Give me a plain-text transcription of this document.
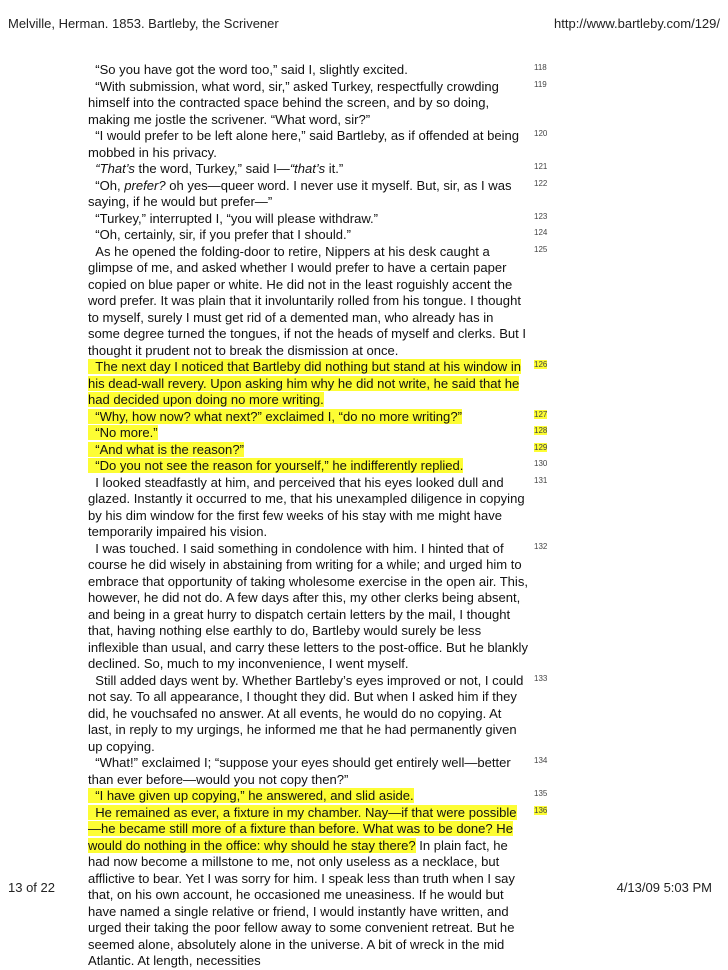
Melville, Herman. 1853. Bartleby, the Scrivener	http://www.bartleby.com/129/
“So you have got the word too,” said I, slightly excited.	118
“With submission, what word, sir,” asked Turkey, respectfully crowding himself into the contracted space behind the screen, and by so doing, making me jostle the scrivener. “What word, sir?”
119
“I would prefer to be left alone here,” said Bartleby, as if offended at being mobbed in his privacy.
120
“That’s the word, Turkey,” said I—“that’s it.”	121
“Oh, prefer? oh yes—queer word. I never use it myself. But, sir, as I was saying, if he would but prefer—”
122
“Turkey,” interrupted I, “you will please withdraw.”	123
“Oh, certainly, sir, if you prefer that I should.”	124
As he opened the folding-door to retire, Nippers at his desk caught a glimpse of me, and asked whether I would prefer to have a certain paper copied on blue paper or white. He did not in the least roguishly accent the word prefer. It was plain that it involuntarily rolled from his tongue. I thought to myself, surely I must get rid of a demented man, who already has in some degree turned the tongues, if not the heads of myself and clerks. But I thought it prudent not to break the dismission at once.
125
The next day I noticed that Bartleby did nothing but stand at his window in his dead-wall revery. Upon asking him why he did not write, he said that he had decided upon doing no more writing.
126
“Why, how now? what next?” exclaimed I, “do no more writing?”	127
“No more.”	128
“And what is the reason?”	129
“Do you not see the reason for yourself,” he indifferently replied.	130
I looked steadfastly at him, and perceived that his eyes looked dull and glazed. Instantly it occurred to me, that his unexampled diligence in copying by his dim window for the first few weeks of his stay with me might have temporarily impaired his vision.
131
I was touched. I said something in condolence with him. I hinted that of course he did wisely in abstaining from writing for a while; and urged him to embrace that opportunity of taking wholesome exercise in the open air. This, however, he did not do. A few days after this, my other clerks being absent, and being in a great hurry to dispatch certain letters by the mail, I thought that, having nothing else earthly to do, Bartleby would surely be less inflexible than usual, and carry these letters to the post-office. But he blankly declined. So, much to my inconvenience, I went myself.
132
Still added days went by. Whether Bartleby’s eyes improved or not, I could not say. To all appearance, I thought they did. But when I asked him if they did, he vouchsafed no answer. At all events, he would do no copying. At last, in reply to my urgings, he informed me that he had permanently given up copying.
133
“What!” exclaimed I; “suppose your eyes should get entirely well—better than ever before—would you not copy then?”
134
“I have given up copying,” he answered, and slid aside.	135
He remained as ever, a fixture in my chamber. Nay—if that were possible—he became still more of a fixture than before. What was to be done? He would do nothing in the office: why should he stay there? In plain fact, he had now become a millstone to me, not only useless as a necklace, but afflictive to bear. Yet I was sorry for him. I speak less than truth when I say that, on his own account, he occasioned me uneasiness. If he would but have named a single relative or friend, I would instantly have written, and urged their taking the poor fellow away to some convenient retreat. But he seemed alone, absolutely alone in the universe. A bit of wreck in the mid Atlantic. At length, necessities
136
13 of 22	4/13/09 5:03 PM
